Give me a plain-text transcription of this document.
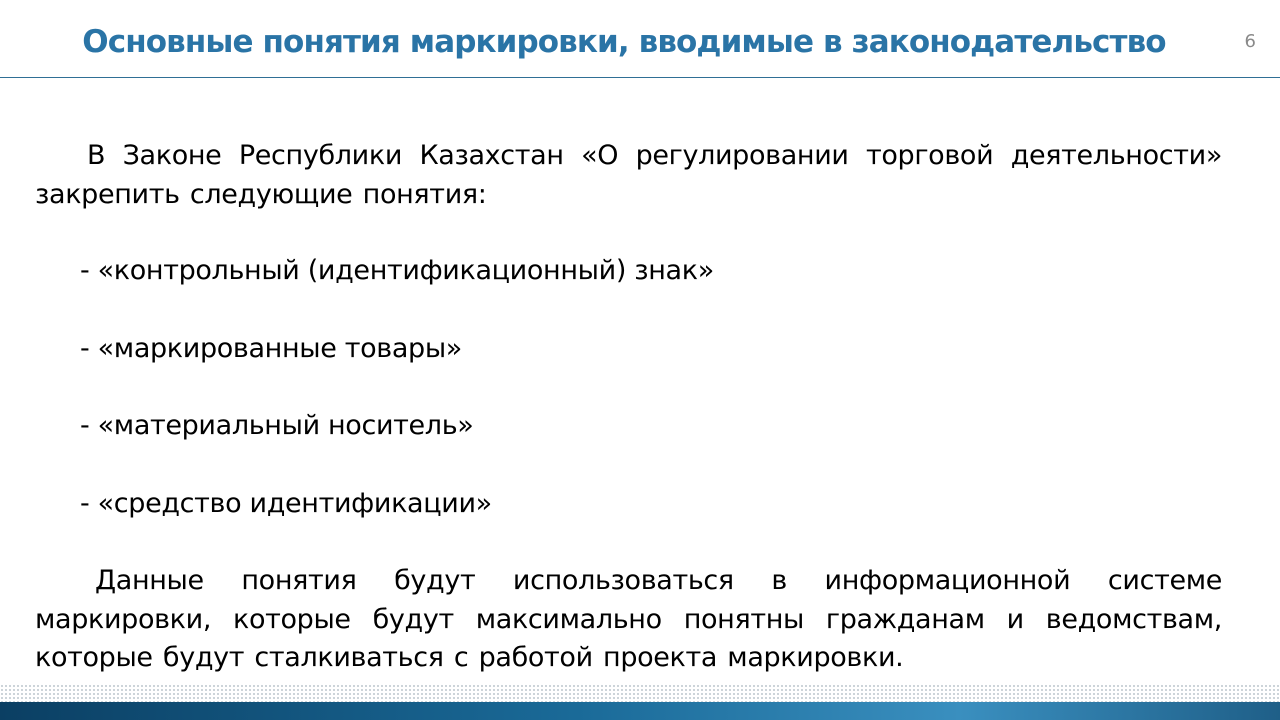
Основные понятия маркировки, вводимые в законодательство	6

В Законе Республики Казахстан «О регулировании торговой деятельности» закрепить следующие понятия:

- «контрольный (идентификационный) знак»
- «маркированные товары»
- «материальный носитель»
- «средство идентификации»

Данные понятия будут использоваться в информационной системе маркировки, которые будут максимально понятны гражданам и ведомствам, которые будут сталкиваться с работой проекта маркировки.
